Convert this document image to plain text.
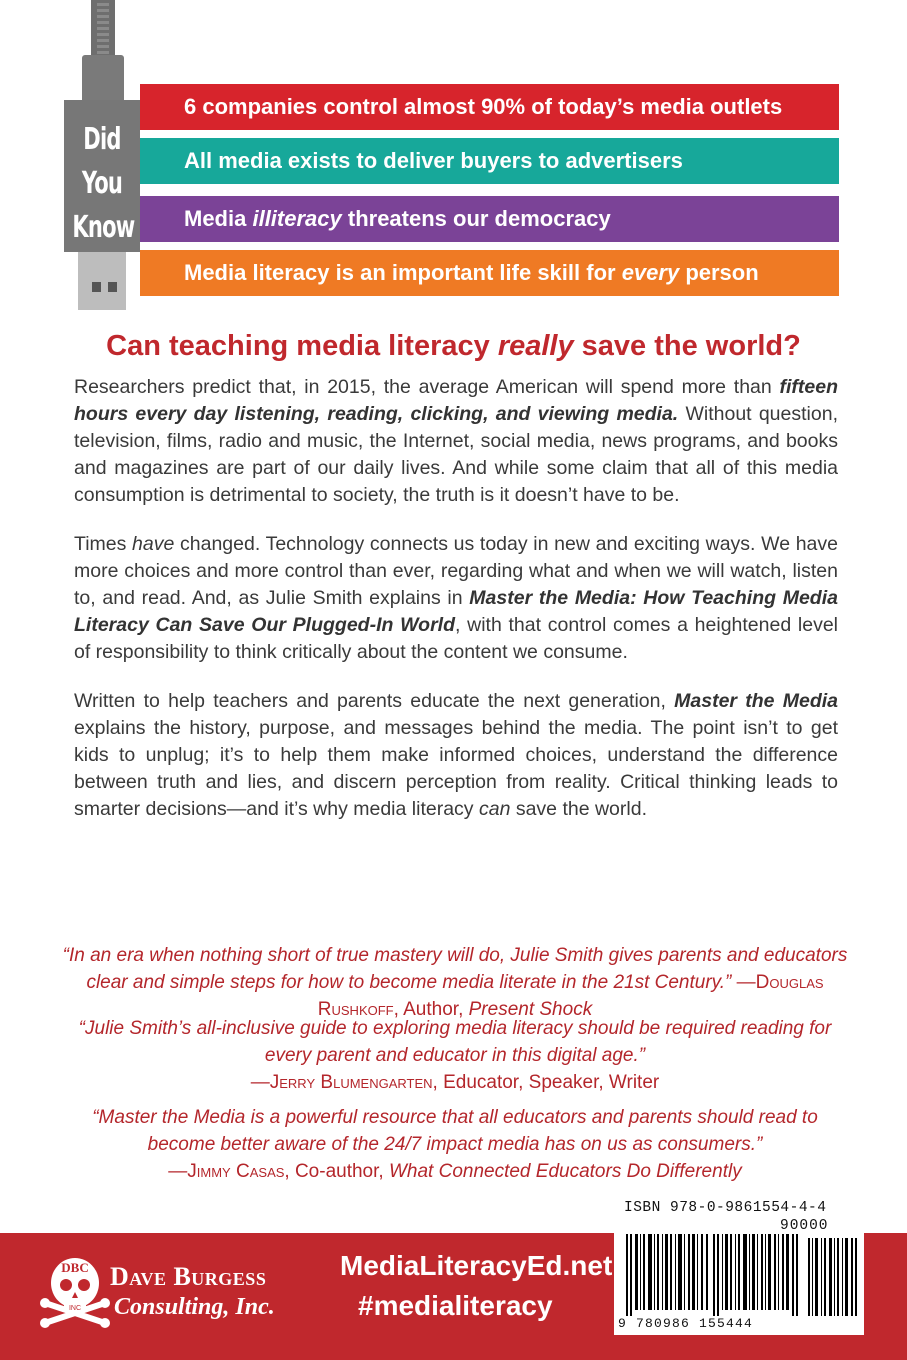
Did
You
Know
6 companies control almost 90% of today’s media outlets
All media exists to deliver buyers to advertisers
Media illiteracy threatens our democracy
Media literacy is an important life skill for every person
Can teaching media literacy really save the world?

Researchers predict that, in 2015, the average American will spend more than fifteen hours every day listening, reading, clicking, and viewing media. Without question, television, films, radio and music, the Internet, social media, news programs, and books and magazines are part of our daily lives. And while some claim that all of this media consumption is detrimental to society, the truth is it doesn’t have to be.

Times have changed. Technology connects us today in new and exciting ways. We have more choices and more control than ever, regarding what and when we will watch, listen to, and read. And, as Julie Smith explains in Master the Media: How Teaching Media Literacy Can Save Our Plugged-In World, with that control comes a heightened level of responsibility to think critically about the content we consume.

Written to help teachers and parents educate the next generation, Master the Media explains the history, purpose, and messages behind the media. The point isn’t to get kids to unplug; it’s to help them make informed choices, understand the difference between truth and lies, and discern perception from reality. Critical thinking leads to smarter decisions—and it’s why media literacy can save the world.

“In an era when nothing short of true mastery will do, Julie Smith gives parents and educators clear and simple steps for how to become media literate in the 21st Century.” —Douglas Rushkoff, Author, Present Shock
“Julie Smith’s all-inclusive guide to exploring media literacy should be required reading for every parent and educator in this digital age.”
—Jerry Blumengarten, Educator, Speaker, Writer
“Master the Media is a powerful resource that all educators and parents should read to become better aware of the 24/7 impact media has on us as consumers.”
—Jimmy Casas, Co-author, What Connected Educators Do Differently
DBC
INC
Dave Burgess
Consulting, Inc.
MediaLiteracyEd.net
#medialiteracy
ISBN 978-0-9861554-4-4
90000
9 780986 155444
